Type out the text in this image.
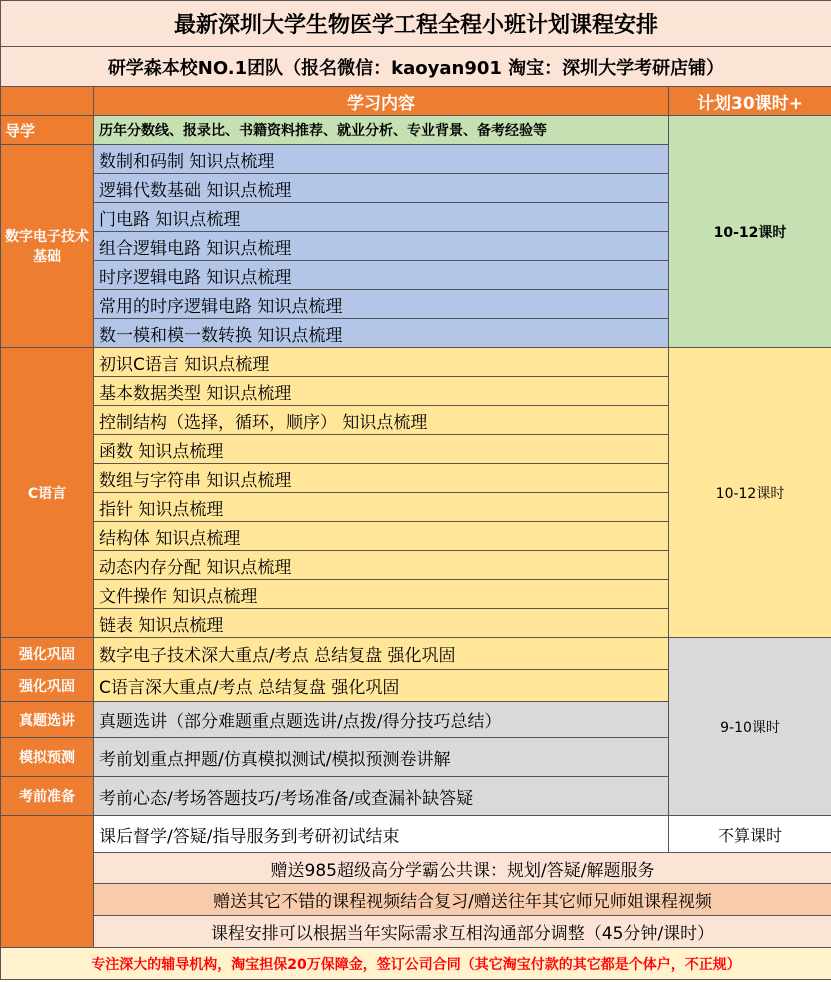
最新深圳大学生物医学工程全程小班计划课程安排		
研学森本校NO.1团队（报名微信：kaoyan901 淘宝：深圳大学考研店铺）		
	学习内容	计划30课时+
导学	历年分数线、报录比、书籍资料推荐、就业分析、专业背景、备考经验等	10-12课时
数字电子技术基础	数制和码制 知识点梳理	
	逻辑代数基础 知识点梳理	
	门电路 知识点梳理	
	组合逻辑电路 知识点梳理	
	时序逻辑电路 知识点梳理	
	常用的时序逻辑电路 知识点梳理	
	数一模和模一数转换 知识点梳理	
C语言	初识C语言 知识点梳理	10-12课时
	基本数据类型 知识点梳理	
	控制结构（选择，循环，顺序） 知识点梳理	
	函数 知识点梳理	
	数组与字符串 知识点梳理	
	指针 知识点梳理	
	结构体 知识点梳理	
	动态内存分配 知识点梳理	
	文件操作 知识点梳理	
	链表 知识点梳理	
强化巩固	数字电子技术深大重点/考点 总结复盘 强化巩固	9-10课时
强化巩固	C语言深大重点/考点 总结复盘 强化巩固	
真题选讲	真题选讲（部分难题重点题选讲/点拨/得分技巧总结）	
模拟预测	考前划重点押题/仿真模拟测试/模拟预测卷讲解	
考前准备	考前心态/考场答题技巧/考场准备/或查漏补缺答疑	
	课后督学/答疑/指导服务到考研初试结束	不算课时
	赠送985超级高分学霸公共课：规划/答疑/解题服务	
	赠送其它不错的课程视频结合复习/赠送往年其它师兄师姐课程视频	
	课程安排可以根据当年实际需求互相沟通部分调整（45分钟/课时）	
专注深大的辅导机构，淘宝担保20万保障金，签订公司合同（其它淘宝付款的其它都是个体户，不正规）		
